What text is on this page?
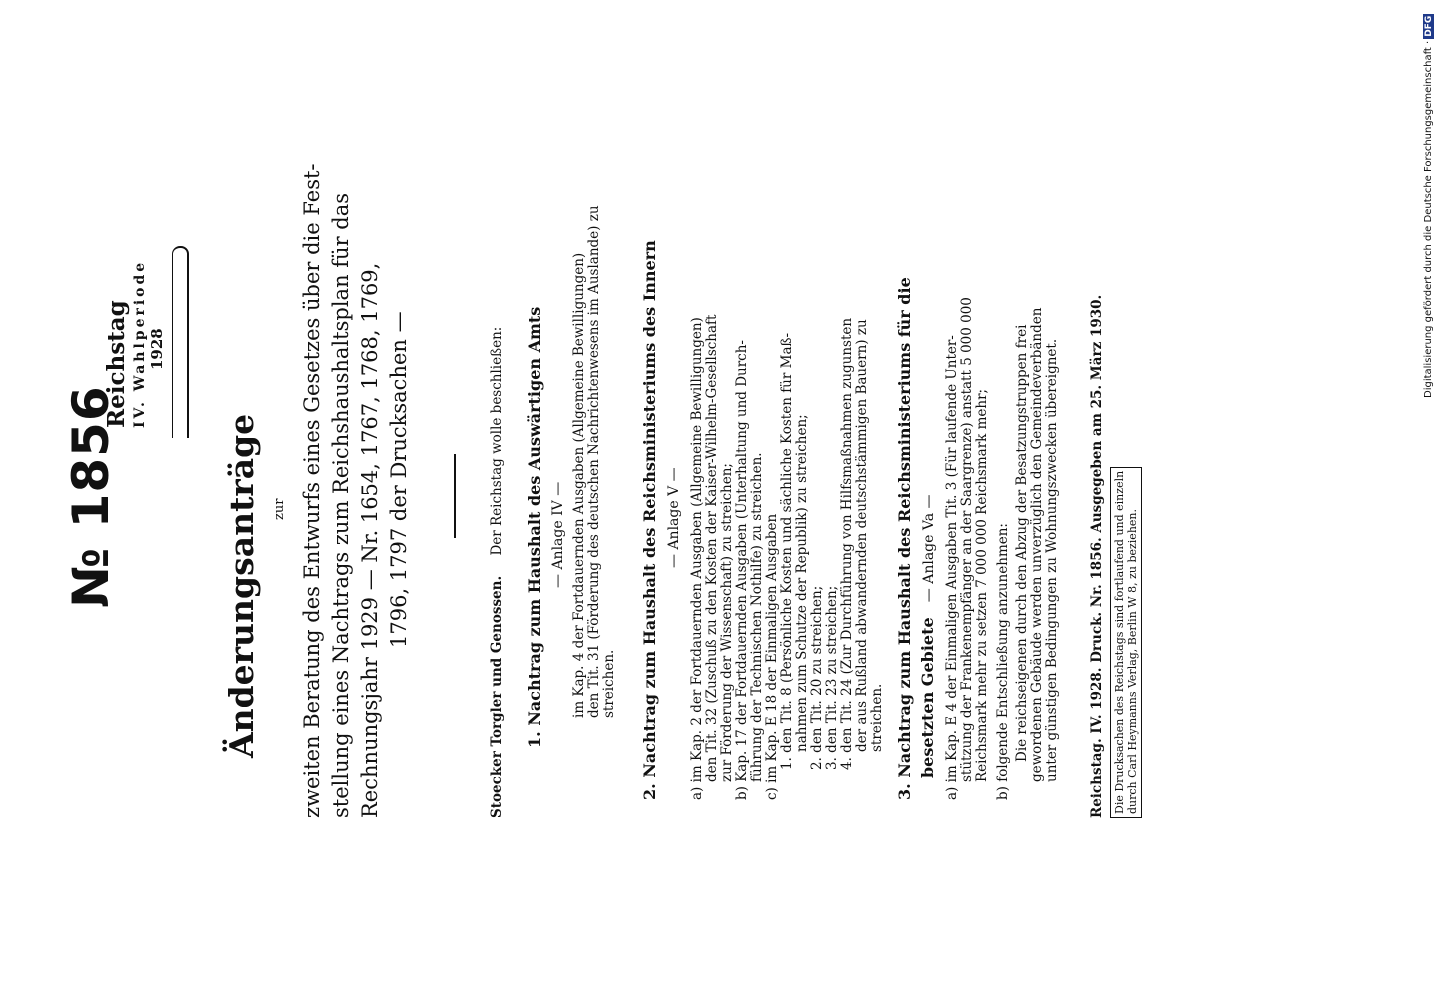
№ 1856
Reichstag IV. Wahlperiode 1928
Änderungsanträge zur zweiten Beratung des Entwurfs eines Gesetzes über die Fest- stellung eines Nachtrags zum Reichshaushaltsplan für das Rechnungsjahr 1929 — Nr. 1654, 1767, 1768, 1769, 1796, 1797 der Drucksachen —
Stoecker Torgler und Genossen. Der Reichstag wolle beschließen: 1. Nachtrag zum Haushalt des Auswärtigen Amts — Anlage IV — im Kap. 4 der Fortdauernden Ausgaben (Allgemeine Bewilligungen) den Tit. 31 (Förderung des deutschen Nachrichtenwesens im Auslande) zu streichen. 2. Nachtrag zum Haushalt des Reichsministeriums des Innern — Anlage V — a) im Kap. 2 der Fortdauernden Ausgaben (Allgemeine Bewilligungen) den Tit. 32 (Zuschuß zu den Kosten der Kaiser-Wilhelm-Gesellschaft zur Förderung der Wissenschaft) zu streichen; b) Kap. 17 der Fortdauernden Ausgaben (Unterhaltung und Durch- führung der Technischen Nothilfe) zu streichen. c) im Kap. E 18 der Einmaligen Ausgaben 1. den Tit. 8 (Persönliche Kosten und sächliche Kosten für Maß- nahmen zum Schutze der Republik) zu streichen; 2. den Tit. 20 zu streichen; 3. den Tit. 23 zu streichen; 4. den Tit. 24 (Zur Durchführung von Hilfsmaßnahmen zugunsten der aus Rußland abwandernden deutschstämmigen Bauern) zu streichen. 3. Nachtrag zum Haushalt des Reichsministeriums für die besetzten Gebiete — Anlage Va — a) im Kap. E 4 der Einmaligen Ausgaben Tit. 3 (Für laufende Unter- stützung der Frankenempfänger an der Saargrenze) anstatt 5 000 000 Reichsmark mehr zu setzen 7 000 000 Reichsmark mehr; b) folgende Entschließung anzunehmen: Die reichseigenen durch den Abzug der Besatzungstruppen frei gewordenen Gebäude werden unverzüglich den Gemeindeverbänden unter günstigen Bedingungen zu Wohnungszwecken übereignet. Reichstag. IV. 1928. Druck. Nr. 1856. Ausgegeben am 25. März 1930. Die Drucksachen des Reichstags sind fortlaufend und einzeln durch Carl Heymanns Verlag, Berlin W 8, zu beziehen.
Digitalisierung gefördert durch die Deutsche Forschungsgemeinschaft ·DFG
